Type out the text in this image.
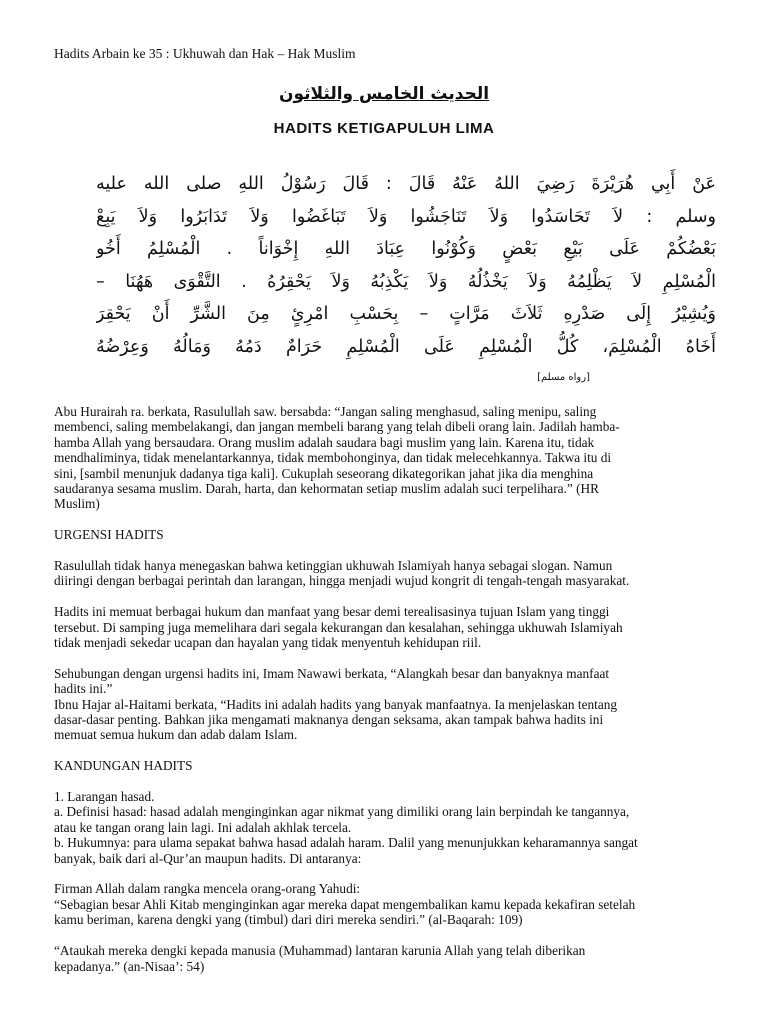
Hadits Arbain ke 35 : Ukhuwah dan Hak – Hak Muslim
الحديث الخامس والثلاثون
HADITS KETIGAPULUH LIMA
عَنْ أَبِي هُرَيْرَةَ رَضِيَ اللهُ عَنْهُ قَالَ : قَالَ رَسُوْلُ اللهِ صلى الله عليه
وسلم : لاَ تَحَاسَدُوا وَلاَ تَنَاجَشُوا وَلاَ تَبَاغَضُوا وَلاَ تَدَابَرُوا وَلاَ يَبِعْ
بَعْضُكُمْ عَلَى بَيْعِ بَعْضٍ وَكُوْنُوا عِبَادَ اللهِ إِخْوَاناً . الْمُسْلِمُ أَخُو
الْمُسْلِمِ لاَ يَظْلِمُهُ وَلاَ يَخْذُلُهُ وَلاَ يَكْذِبُهُ وَلاَ يَحْقِرُهُ . التَّقْوَى هَهُنَا –
وَيُشِيْرُ إِلَى صَدْرِهِ ثَلاَثَ مَرَّاتٍ – بِحَسْبِ امْرِئٍ مِنَ الشَّرِّ أَنْ يَحْقِرَ
أَخَاهُ الْمُسْلِمَ، كُلُّ الْمُسْلِمِ عَلَى الْمُسْلِمِ حَرَامٌ دَمُهُ وَمَالُهُ وَعِرْضُهُ
[رواه مسلم]

Abu Hurairah ra. berkata, Rasulullah saw. bersabda: “Jangan saling menghasud, saling menipu, saling
membenci, saling membelakangi, dan jangan membeli barang yang telah dibeli orang lain. Jadilah hamba-
hamba Allah yang bersaudara. Orang muslim adalah saudara bagi muslim yang lain. Karena itu, tidak
mendhaliminya, tidak menelantarkannya, tidak membohonginya, dan tidak melecehkannya. Takwa itu di
sini, [sambil menunjuk dadanya tiga kali]. Cukuplah seseorang dikategorikan jahat jika dia menghina
saudaranya sesama muslim. Darah, harta, dan kehormatan setiap muslim adalah suci terpelihara.” (HR
Muslim)

URGENSI HADITS

Rasulullah tidak hanya menegaskan bahwa ketinggian ukhuwah Islamiyah hanya sebagai slogan. Namun
diiringi dengan berbagai perintah dan larangan, hingga menjadi wujud kongrit di tengah-tengah masyarakat.

Hadits ini memuat berbagai hukum dan manfaat yang besar demi terealisasinya tujuan Islam yang tinggi
tersebut. Di samping juga memelihara dari segala kekurangan dan kesalahan, sehingga ukhuwah Islamiyah
tidak menjadi sekedar ucapan dan hayalan yang tidak menyentuh kehidupan riil.

Sehubungan dengan urgensi hadits ini, Imam Nawawi berkata, “Alangkah besar dan banyaknya manfaat
hadits ini.”
Ibnu Hajar al-Haitami berkata, “Hadits ini adalah hadits yang banyak manfaatnya. Ia menjelaskan tentang
dasar-dasar penting. Bahkan jika mengamati maknanya dengan seksama, akan tampak bahwa hadits ini
memuat semua hukum dan adab dalam Islam.

KANDUNGAN HADITS

1. Larangan hasad.
a. Definisi hasad: hasad adalah menginginkan agar nikmat yang dimiliki orang lain berpindah ke tangannya,
atau ke tangan orang lain lagi. Ini adalah akhlak tercela.
b. Hukumnya: para ulama sepakat bahwa hasad adalah haram. Dalil yang menunjukkan keharamannya sangat
banyak, baik dari al-Qur’an maupun hadits. Di antaranya:

Firman Allah dalam rangka mencela orang-orang Yahudi:
“Sebagian besar Ahli Kitab menginginkan agar mereka dapat mengembalikan kamu kepada kekafiran setelah
kamu beriman, karena dengki yang (timbul) dari diri mereka sendiri.” (al-Baqarah: 109)

“Ataukah mereka dengki kepada manusia (Muhammad) lantaran karunia Allah yang telah diberikan
kepadanya.” (an-Nisaa’: 54)
